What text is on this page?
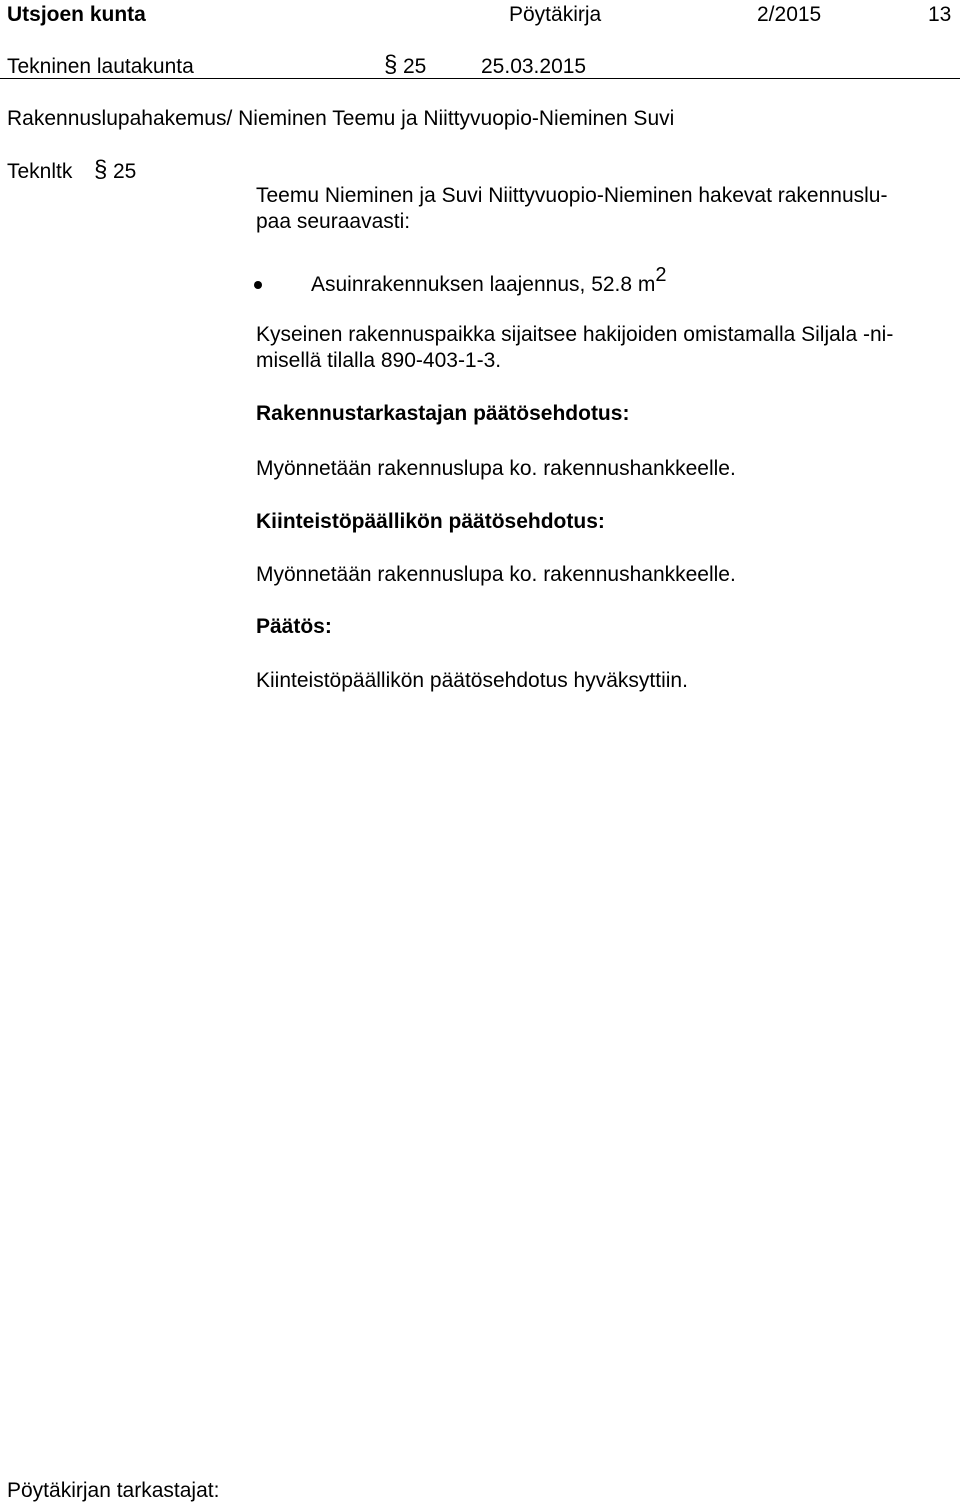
Utsjoen kunta	Pöytäkirja	2/2015	13
Tekninen lautakunta	§ 25	25.03.2015
Rakennuslupahakemus/ Nieminen Teemu ja Niittyvuopio-Nieminen Suvi
Teknltk § 25
Teemu Nieminen ja Suvi Niittyvuopio-Nieminen hakevat rakennuslu-
paa seuraavasti:
Asuinrakennuksen laajennus, 52.8 $m^2$
Kyseinen rakennuspaikka sijaitsee hakijoiden omistamalla Siljala -ni-
misellä tilalla 890-403-1-3.
Rakennustarkastajan päätösehdotus:
Myönnetään rakennuslupa ko. rakennushankkeelle.
Kiinteistöpäällikön päätösehdotus:
Myönnetään rakennuslupa ko. rakennushankkeelle.
Päätös:
Kiinteistöpäällikön päätösehdotus hyväksyttiin.
Pöytäkirjan tarkastajat:
